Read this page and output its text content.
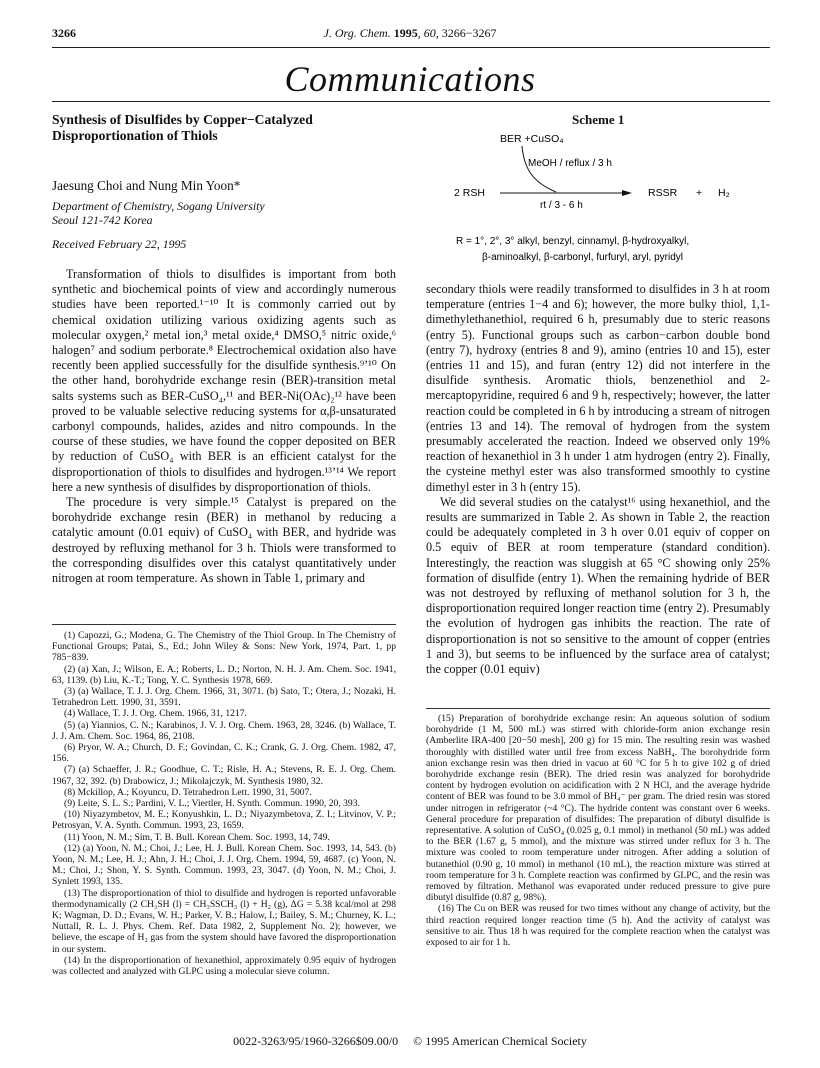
3266	J. Org. Chem. 1995, 60, 3266−3267
Communications
Synthesis of Disulfides by Copper−Catalyzed Disproportionation of Thiols
Jaesung Choi and Nung Min Yoon*
Department of Chemistry, Sogang University
Seoul 121-742 Korea
Received February 22, 1995

Transformation of thiols to disulfides is important from both synthetic and biochemical points of view and accordingly numerous studies have been reported.¹⁻¹⁰ It is commonly carried out by chemical oxidation utilizing various oxidizing agents such as molecular oxygen,² metal ion,³ metal oxide,⁴ DMSO,⁵ nitric oxide,⁶ halogen⁷ and sodium perborate.⁸ Electrochemical oxidation also have recently been applied successfully for the disulfide synthesis.⁹ʼ¹⁰ On the other hand, borohydride exchange resin (BER)-transition metal salts systems such as BER-CuSO₄,¹¹ and BER-Ni(OAc)₂¹² have been proved to be valuable selective reducing systems for α,β-unsaturated carbonyl compounds, halides, azides and nitro compounds. In the course of these studies, we have found the copper deposited on BER by reduction of CuSO₄ with BER is an efficient catalyst for the disproportionation of thiols to disulfides and hydrogen.¹³ʼ¹⁴ We report here a new synthesis of disulfides by disproportionation of thiols.

The procedure is very simple.¹⁵ Catalyst is prepared on the borohydride exchange resin (BER) in methanol by reducing a catalytic amount (0.01 equiv) of CuSO₄ with BER, and hydride was destroyed by refluxing methanol for 3 h. Thiols were transformed to the corresponding disulfides over this catalyst quantitatively under nitrogen at room temperature. As shown in Table 1, primary and

(1) Capozzi, G.; Modena, G. The Chemistry of the Thiol Group. In The Chemistry of Functional Groups; Patai, S., Ed.; John Wiley & Sons: New York, 1974, Part. 1, pp 785−839.

(2) (a) Xan, J.; Wilson, E. A.; Roberts, L. D.; Norton, N. H. J. Am. Chem. Soc. 1941, 63, 1139. (b) Liu, K.-T.; Tong, Y. C. Synthesis 1978, 669.

(3) (a) Wallace, T. J. J. Org. Chem. 1966, 31, 3071. (b) Sato, T.; Otera, J.; Nozaki, H. Tetrahedron Lett. 1990, 31, 3591.

(4) Wallace, T. J. J. Org. Chem. 1966, 31, 1217.

(5) (a) Yiannios, C. N.; Karabinos, J. V. J. Org. Chem. 1963, 28, 3246. (b) Wallace, T. J. J. Am. Chem. Soc. 1964, 86, 2108.

(6) Pryor, W. A.; Church, D. F.; Govindan, C. K.; Crank, G. J. Org. Chem. 1982, 47, 156.

(7) (a) Schaeffer, J. R.; Goodhue, C. T.; Risle, H. A.; Stevens, R. E. J. Org. Chem. 1967, 32, 392. (b) Drabowicz, J.; Mikolajczyk, M. Synthesis 1980, 32.

(8) Mckillop, A.; Koyuncu, D. Tetrahedron Lett. 1990, 31, 5007.

(9) Leite, S. L. S.; Pardini, V. L.; Viertler, H. Synth. Commun. 1990, 20, 393.

(10) Niyazymbetov, M. E.; Konyushkin, L. D.; Niyazymbetova, Z. I.; Litvinov, V. P.; Petrosyan, V. A. Synth. Commun. 1993, 23, 1659.

(11) Yoon, N. M.; Sim, T. B. Bull. Korean Chem. Soc. 1993, 14, 749.

(12) (a) Yoon, N. M.; Choi, J.; Lee, H. J. Bull. Korean Chem. Soc. 1993, 14, 543. (b) Yoon, N. M.; Lee, H. J.; Ahn, J. H.; Choi, J. J. Org. Chem. 1994, 59, 4687. (c) Yoon, N. M.; Choi, J.; Shon, Y. S. Synth. Commun. 1993, 23, 3047. (d) Yoon, N. M.; Choi, J. Synlett 1993, 135.

(13) The disproportionation of thiol to disulfide and hydrogen is reported unfavorable thermodynamically (2 CH₃SH (l) = CH₃SSCH₃ (l) + H₂ (g), ΔG = 5.38 kcal/mol at 298 K; Wagman, D. D.; Evans, W. H.; Parker, V. B.; Halow, I.; Bailey, S. M.; Churney, K. L.; Nuttall, R. L. J. Phys. Chem. Ref. Data 1982, 2, Supplement No. 2); however, we believe, the escape of H₂ gas from the system should have favored the disproportionation in our system.

(14) In the disproportionation of hexanethiol, approximately 0.95 equiv of hydrogen was collected and analyzed with GLPC using a molecular sieve column.

Scheme 1
BER +CuSO₄
MeOH / reflux / 3 h
2 RSH
rt / 3 - 6 h
RSSR + H₂
R = 1°, 2°, 3° alkyl, benzyl, cinnamyl, β-hydroxyalkyl,
β-aminoalkyl, β-carbonyl, furfuryl, aryl, pyridyl

secondary thiols were readily transformed to disulfides in 3 h at room temperature (entries 1−4 and 6); however, the more bulky thiol, 1,1-dimethylethanethiol, required 6 h, presumably due to steric reasons (entry 5). Functional groups such as carbon−carbon double bond (entry 7), hydroxy (entries 8 and 9), amino (entries 10 and 15), ester (entries 11 and 15), and furan (entry 12) did not interfere in the disulfide synthesis. Aromatic thiols, benzenethiol and 2-mercaptopyridine, required 6 and 9 h, respectively; however, the latter reaction could be completed in 6 h by introducing a stream of nitrogen (entries 13 and 14). The removal of hydrogen from the system presumably accelerated the reaction. Indeed we observed only 19% reaction of hexanethiol in 3 h under 1 atm hydrogen (entry 2). Finally, the cysteine methyl ester was also transformed smoothly to cystine dimethyl ester in 3 h (entry 15).

We did several studies on the catalyst¹⁶ using hexanethiol, and the results are summarized in Table 2. As shown in Table 2, the reaction could be adequately completed in 3 h over 0.01 equiv of copper on 0.5 equiv of BER at room temperature (standard condition). Interestingly, the reaction was sluggish at 65 °C showing only 25% formation of disulfide (entry 1). When the remaining hydride of BER was not destroyed by refluxing of methanol solution for 3 h, the disproportionation required longer reaction time (entry 2). Presumably the evolution of hydrogen gas inhibits the reaction. The rate of disproportionation is not so sensitive to the amount of copper (entries 1 and 3), but seems to be influenced by the surface area of catalyst; the copper (0.01 equiv)

(15) Preparation of borohydride exchange resin: An aqueous solution of sodium borohydride (1 M, 500 mL) was stirred with chloride-form anion exchange resin (Amberlite IRA-400 [20−50 mesh], 200 g) for 15 min. The resulting resin was washed thoroughly with distilled water until free from excess NaBH₄. The borohydride form anion exchange resin was then dried in vacuo at 60 °C for 5 h to give 102 g of dried borohydride exchange resin (BER). The dried resin was analyzed for borohydride content by hydrogen evolution on acidification with 2 N HCl, and the average hydride content of BER was found to be 3.0 mmol of BH₄⁻ per gram. The dried resin was stored under nitrogen in refrigerator (~4 °C). The hydride content was constant over 6 weeks. General procedure for preparation of disulfides: The preparation of dibutyl disulfide is representative. A solution of CuSO₄ (0.025 g, 0.1 mmol) in methanol (50 mL) was added to the BER (1.67 g, 5 mmol), and the mixture was stirred under reflux for 3 h. The mixture was cooled to room temperature under nitrogen. After adding a solution of butanethiol (0.90 g, 10 mmol) in methanol (10 mL), the reaction mixture was stirred at room temperature for 3 h. Complete reaction was confirmed by GLPC, and the resin was removed by filtration. Methanol was evaporated under reduced pressure to give pure dibutyl disulfide (0.87 g, 98%).

(16) The Cu on BER was reused for two times without any change of activity, but the third reaction required longer reaction time (5 h). And the activity of catalyst was sensitive to air. Thus 18 h was required for the complete reaction when the catalyst was exposed to air for 1 h.

0022-3263/95/1960-3266$09.00/0 © 1995 American Chemical Society
